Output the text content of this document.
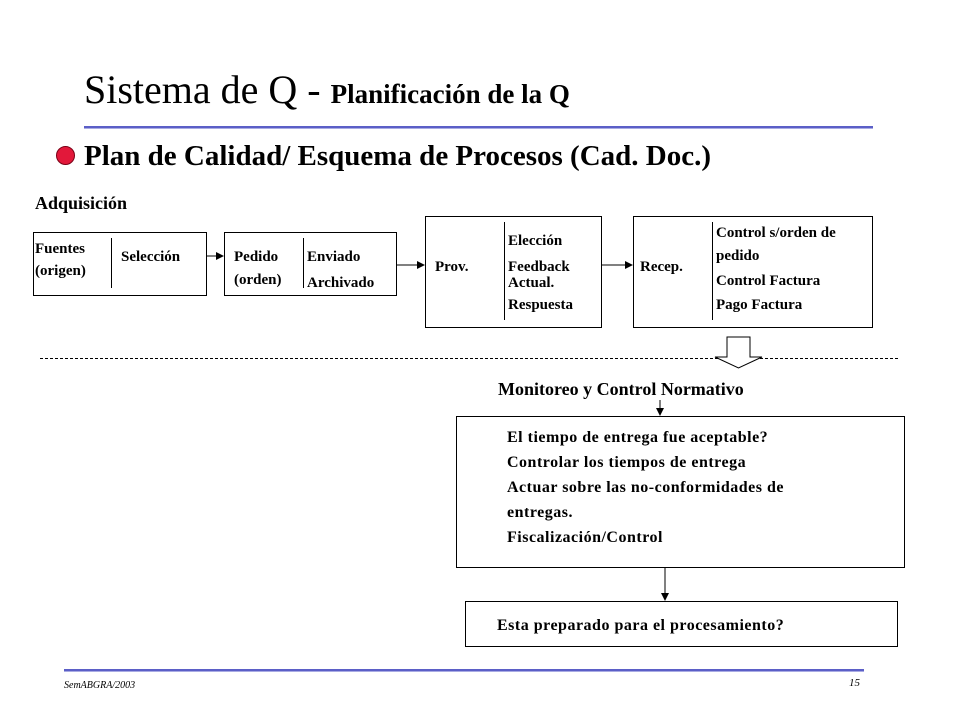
Sistema de Q - Planificación de la Q
Plan de Calidad/ Esquema de Procesos (Cad. Doc.)
Adquisición
Fuentes
(origen)
Selección	Pedido
(orden)
Enviado
Archivado
Prov.
Elección
Feedback
Actual.
Respuesta
Recep.
Control s/orden de
pedido
Control Factura
Pago Factura
Monitoreo y Control Normativo
El tiempo de entrega fue aceptable?
Controlar los tiempos de entrega
Actuar sobre las no-conformidades de
entregas.
Fiscalización/Control
Esta preparado para el procesamiento?
SemABGRA/2003	15
